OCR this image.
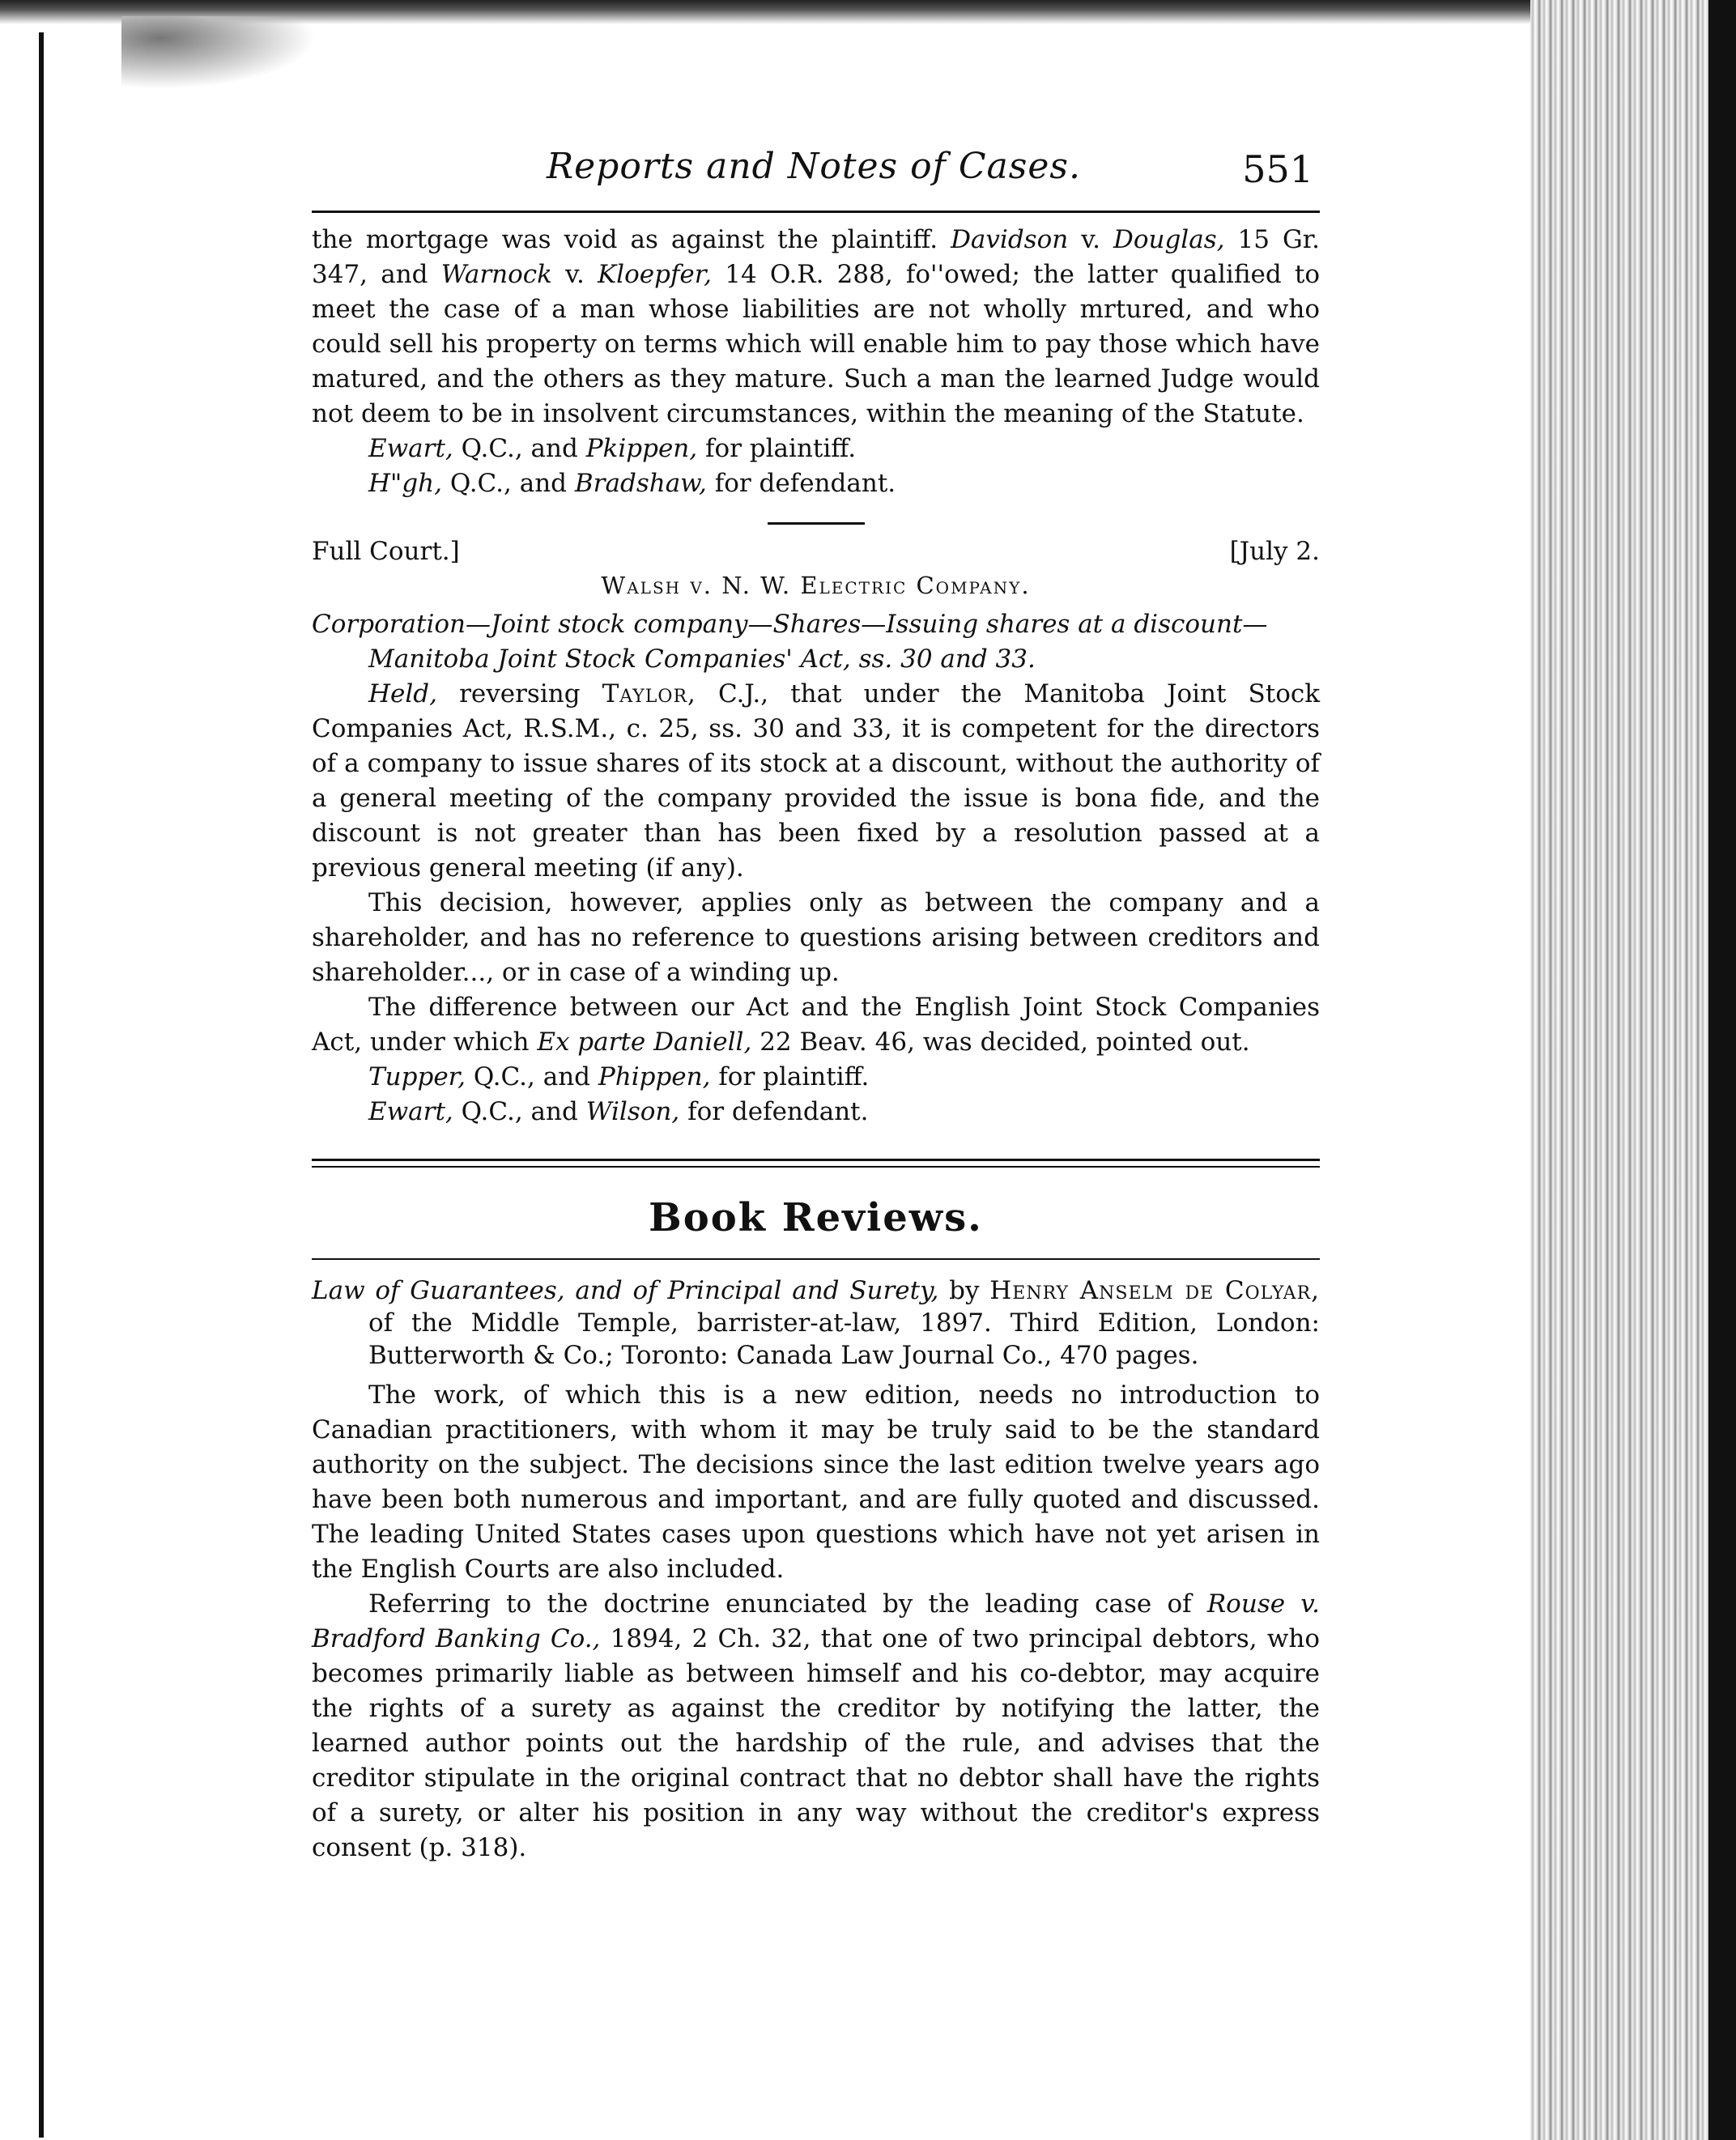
Reports and Notes of Cases.	551

the mortgage was void as against the plaintiff. Davidson v. Douglas, 15 Gr. 347, and Warnock v. Kloepfer, 14 O.R. 288, fo''owed; the latter qualified to meet the case of a man whose liabilities are not wholly mrtured, and who could sell his property on terms which will enable him to pay those which have matured, and the others as they mature. Such a man the learned Judge would not deem to be in insolvent circumstances, within the meaning of the Statute.

Ewart, Q.C., and Pkippen, for plaintiff.
H"gh, Q.C., and Bradshaw, for defendant.
Full Court.]	[July 2.
Walsh v. N. W. Electric Company.
Corporation—Joint stock company—Shares—Issuing shares at a discount—Manitoba Joint Stock Companies' Act, ss. 30 and 33.

Held, reversing Taylor, C.J., that under the Manitoba Joint Stock Companies Act, R.S.M., c. 25, ss. 30 and 33, it is competent for the directors of a company to issue shares of its stock at a discount, without the authority of a general meeting of the company provided the issue is bona fide, and the discount is not greater than has been fixed by a resolution passed at a previous general meeting (if any).

This decision, however, applies only as between the company and a shareholder, and has no reference to questions arising between creditors and shareholder..., or in case of a winding up.

The difference between our Act and the English Joint Stock Companies Act, under which Ex parte Daniell, 22 Beav. 46, was decided, pointed out.

Tupper, Q.C., and Phippen, for plaintiff.
Ewart, Q.C., and Wilson, for defendant.
Book Reviews.
Law of Guarantees, and of Principal and Surety, by Henry Anselm de Colyar, of the Middle Temple, barrister-at-law, 1897. Third Edition, London: Butterworth & Co.; Toronto: Canada Law Journal Co., 470 pages.

The work, of which this is a new edition, needs no introduction to Canadian practitioners, with whom it may be truly said to be the standard authority on the subject. The decisions since the last edition twelve years ago have been both numerous and important, and are fully quoted and discussed. The leading United States cases upon questions which have not yet arisen in the English Courts are also included.

Referring to the doctrine enunciated by the leading case of Rouse v. Bradford Banking Co., 1894, 2 Ch. 32, that one of two principal debtors, who becomes primarily liable as between himself and his co-debtor, may acquire the rights of a surety as against the creditor by notifying the latter, the learned author points out the hardship of the rule, and advises that the creditor stipulate in the original contract that no debtor shall have the rights of a surety, or alter his position in any way without the creditor's express consent (p. 318).
